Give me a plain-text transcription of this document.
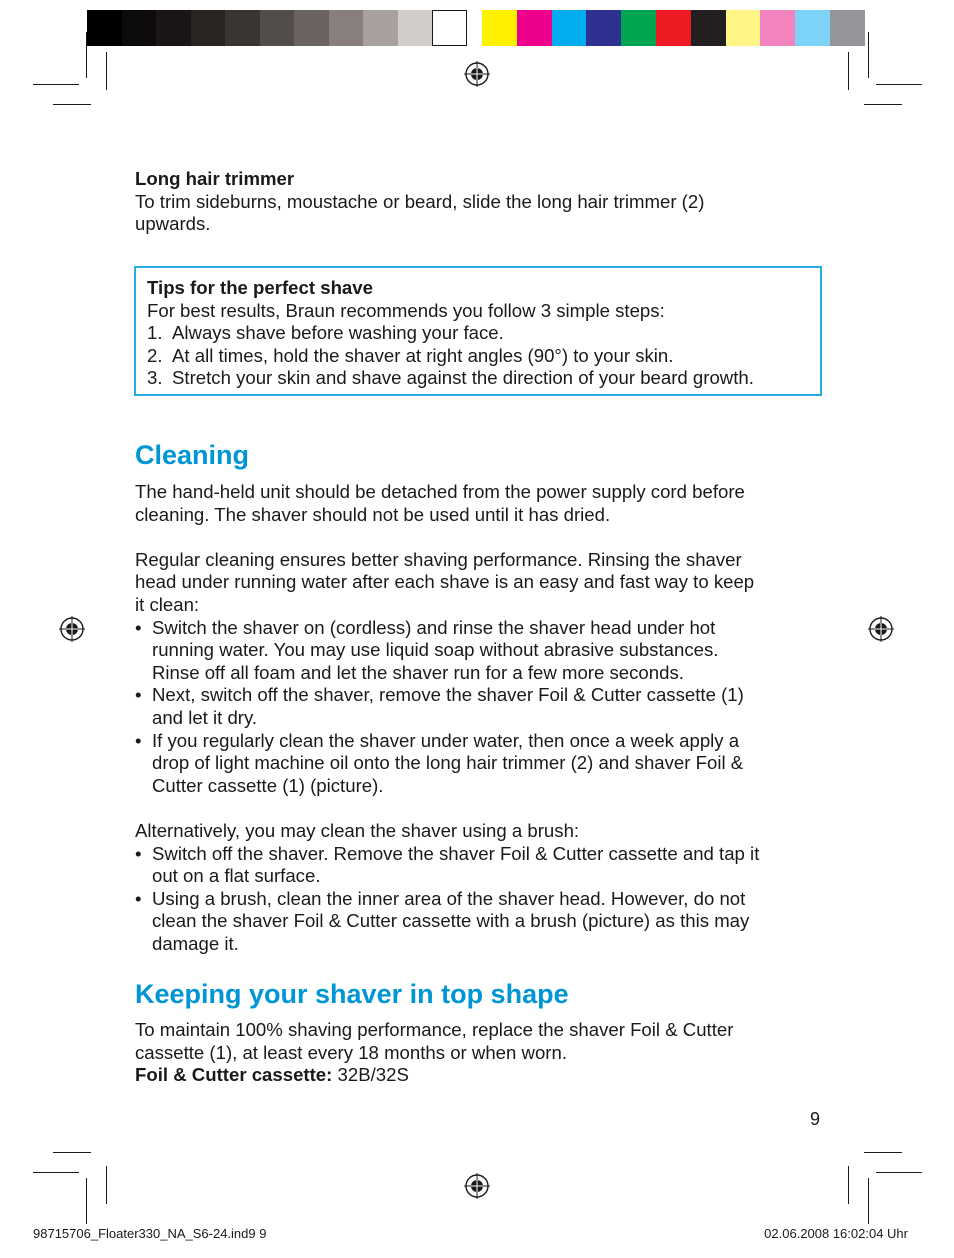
Long hair trimmer

To trim sideburns, moustache or beard, slide the long hair trimmer (2)

upwards.

Tips for the perfect shave

For best results, Braun recommends you follow 3 simple steps:

1. Always shave before washing your face.
2. At all times, hold the shaver at right angles (90°) to your skin.
3. Stretch your skin and shave against the direction of your beard growth.
Cleaning

The hand-held unit should be detached from the power supply cord before

cleaning. The shaver should not be used until it has dried.

Regular cleaning ensures better shaving performance. Rinsing the shaver

head under running water after each shave is an easy and fast way to keep

it clean:

• Switch the shaver on (cordless) and rinse the shaver head under hot

running water. You may use liquid soap without abrasive substances.

Rinse off all foam and let the shaver run for a few more seconds.

• Next, switch off the shaver, remove the shaver Foil & Cutter cassette (1)

and let it dry.

• If you regularly clean the shaver under water, then once a week apply a

drop of light machine oil onto the long hair trimmer (2) and shaver Foil &

Cutter cassette (1) (picture).

Alternatively, you may clean the shaver using a brush:

• Switch off the shaver. Remove the shaver Foil & Cutter cassette and tap it

out on a flat surface.

• Using a brush, clean the inner area of the shaver head. However, do not

clean the shaver Foil & Cutter cassette with a brush (picture) as this may

damage it.

Keeping your shaver in top shape

To maintain 100% shaving performance, replace the shaver Foil & Cutter

cassette (1), at least every 18 months or when worn.

Foil & Cutter cassette: 32B/32S

9
98715706_Floater330_NA_S6-24.ind9 9	02.06.2008 16:02:04 Uhr
